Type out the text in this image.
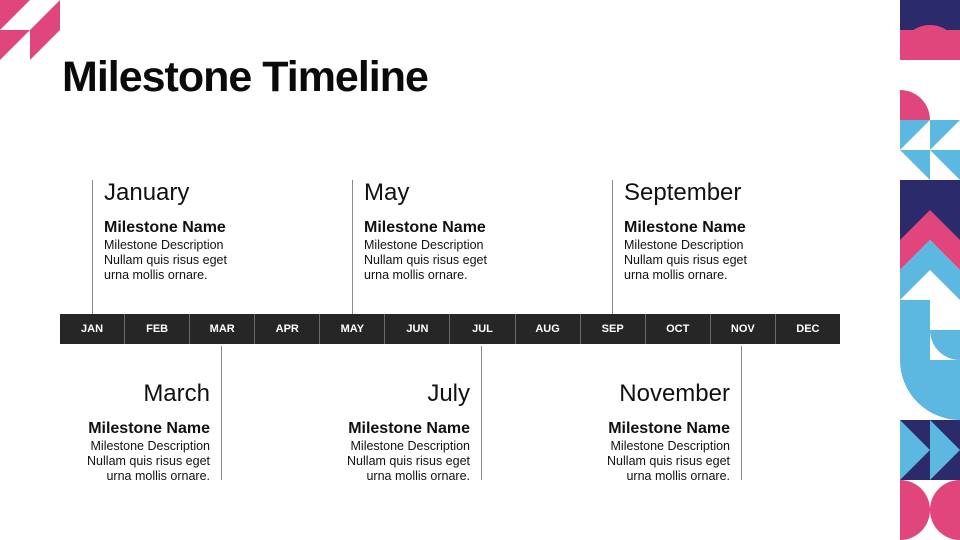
Milestone Timeline
January
Milestone Name
Milestone Description
Nullam quis risus eget
urna mollis ornare.
May
Milestone Name
Milestone Description
Nullam quis risus eget
urna mollis ornare.
September
Milestone Name
Milestone Description
Nullam quis risus eget
urna mollis ornare.
JAN	FEB	MAR	APR	MAY	JUN	JUL	AUG	SEP	OCT	NOV	DEC
March
Milestone Name
Milestone Description
Nullam quis risus eget
urna mollis ornare.
July
Milestone Name
Milestone Description
Nullam quis risus eget
urna mollis ornare.
November
Milestone Name
Milestone Description
Nullam quis risus eget
urna mollis ornare.
